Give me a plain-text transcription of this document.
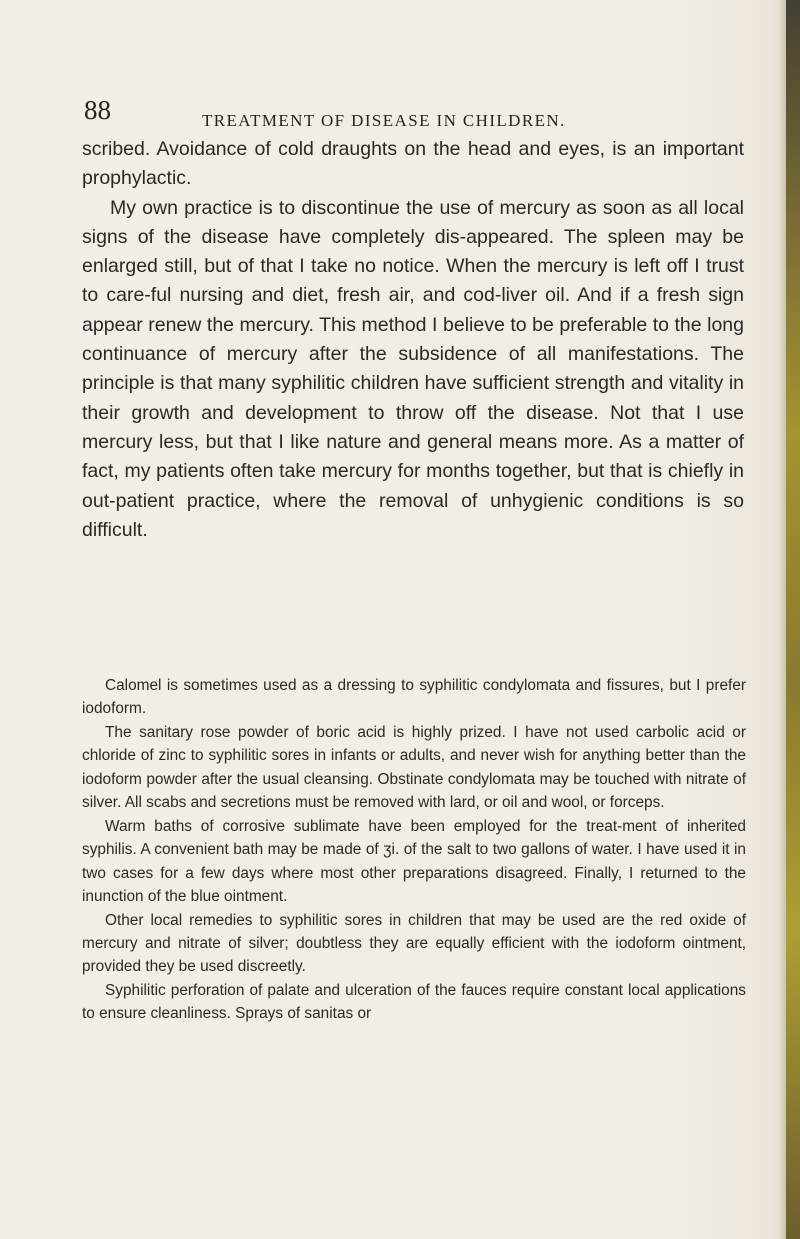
88	TREATMENT OF DISEASE IN CHILDREN.

scribed. Avoidance of cold draughts on the head and eyes, is an important prophylactic.

My own practice is to discontinue the use of mercury as soon as all local signs of the disease have completely dis-appeared. The spleen may be enlarged still, but of that I take no notice. When the mercury is left off I trust to care-ful nursing and diet, fresh air, and cod-liver oil. And if a fresh sign appear renew the mercury. This method I believe to be preferable to the long continuance of mercury after the subsidence of all manifestations. The principle is that many syphilitic children have sufficient strength and vitality in their growth and development to throw off the disease. Not that I use mercury less, but that I like nature and general means more. As a matter of fact, my patients often take mercury for months together, but that is chiefly in out-patient practice, where the removal of unhygienic conditions is so difficult.

Calomel is sometimes used as a dressing to syphilitic condylomata and fissures, but I prefer iodoform.

The sanitary rose powder of boric acid is highly prized. I have not used carbolic acid or chloride of zinc to syphilitic sores in infants or adults, and never wish for anything better than the iodoform powder after the usual cleansing. Obstinate condylomata may be touched with nitrate of silver. All scabs and secretions must be removed with lard, or oil and wool, or forceps.

Warm baths of corrosive sublimate have been employed for the treat-ment of inherited syphilis. A convenient bath may be made of ʒi. of the salt to two gallons of water. I have used it in two cases for a few days where most other preparations disagreed. Finally, I returned to the inunction of the blue ointment.

Other local remedies to syphilitic sores in children that may be used are the red oxide of mercury and nitrate of silver; doubtless they are equally efficient with the iodoform ointment, provided they be used discreetly.

Syphilitic perforation of palate and ulceration of the fauces require constant local applications to ensure cleanliness. Sprays of sanitas or
